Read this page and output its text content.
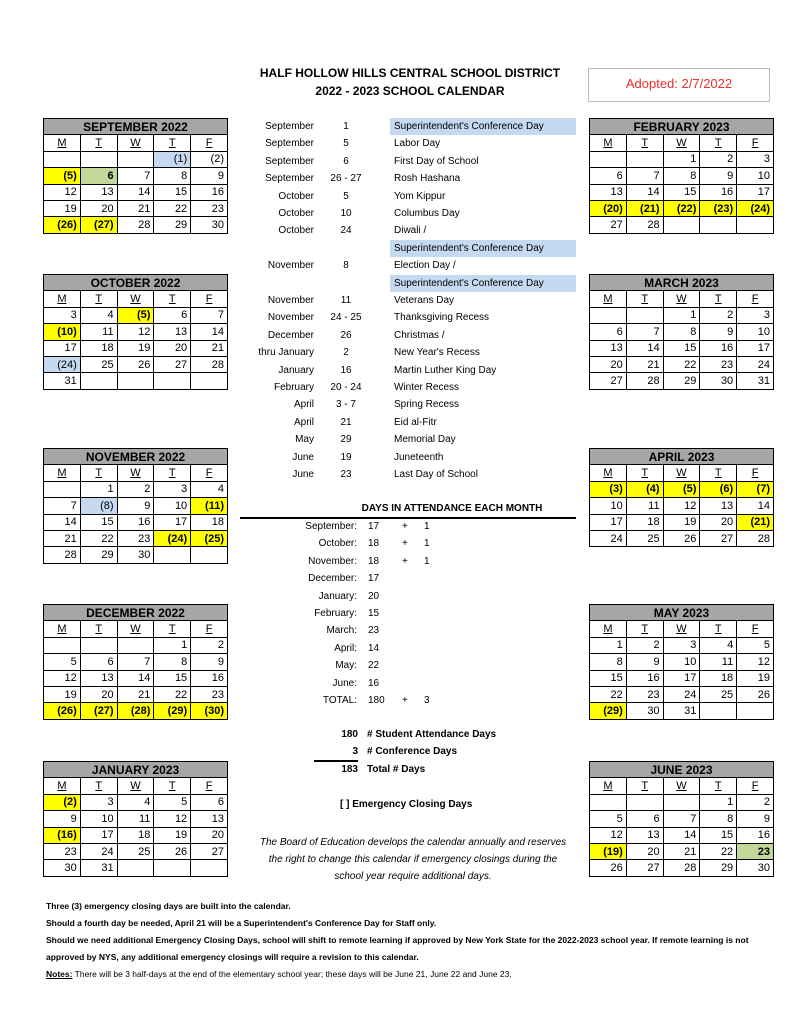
HALF HOLLOW HILLS CENTRAL SCHOOL DISTRICT
2022 - 2023 SCHOOL CALENDAR	Adopted: 2/7/2022
SEPTEMBER 2022				
M	T	W	T	F
			(1)	(2)
(5)	6	7	8	9
12	13	14	15	16
19	20	21	22	23
(26)	(27)	28	29	30
OCTOBER 2022				
M	T	W	T	F
3	4	(5)	6	7
(10)	11	12	13	14
17	18	19	20	21
(24)	25	26	27	28
31				
NOVEMBER 2022				
M	T	W	T	F
	1	2	3	4
7	(8)	9	10	(11)
14	15	16	17	18
21	22	23	(24)	(25)
28	29	30		
DECEMBER 2022				
M	T	W	T	F
			1	2
5	6	7	8	9
12	13	14	15	16
19	20	21	22	23
(26)	(27)	(28)	(29)	(30)
JANUARY 2023				
M	T	W	T	F
(2)	3	4	5	6
9	10	11	12	13
(16)	17	18	19	20
23	24	25	26	27
30	31			
FEBRUARY 2023				
M	T	W	T	F
		1	2	3
6	7	8	9	10
13	14	15	16	17
(20)	(21)	(22)	(23)	(24)
27	28			
MARCH 2023				
M	T	W	T	F
		1	2	3
6	7	8	9	10
13	14	15	16	17
20	21	22	23	24
27	28	29	30	31
APRIL 2023				
M	T	W	T	F
(3)	(4)	(5)	(6)	(7)
10	11	12	13	14
17	18	19	20	(21)
24	25	26	27	28
MAY 2023				
M	T	W	T	F
1	2	3	4	5
8	9	10	11	12
15	16	17	18	19
22	23	24	25	26
(29)	30	31		
JUNE 2023				
M	T	W	T	F
			1	2
5	6	7	8	9
12	13	14	15	16
(19)	20	21	22	23
26	27	28	29	30
September	1	Superintendent's Conference Day
September	5	Labor Day
September	6	First Day of School
September	26 - 27	Rosh Hashana
October	5	Yom Kippur
October	10	Columbus Day
October	24	Diwali /
Superintendent's Conference Day
November	8	Election Day /
Superintendent's Conference Day
November	11	Veterans Day
November	24 - 25	Thanksgiving Recess
December	26	Christmas /
thru January	2	New Year's Recess
January	16	Martin Luther King Day
February	20 - 24	Winter Recess
April	3 - 7	Spring Recess
April	21	Eid al-Fitr
May	29	Memorial Day
June	19	Juneteenth
June	23	Last Day of School
DAYS IN ATTENDANCE EACH MONTH
September: 17	+	1
October: 18	+	1
November: 18	+	1
December: 17
January: 20
February: 15
March: 23
April: 14
May: 22
June: 16
TOTAL: 180	+	3
180 # Student Attendance Days
3 # Conference Days
183 Total # Days
[ ] Emergency Closing Days
The Board of Education develops the calendar annually and reserves
the right to change this calendar if emergency closings during the
school year require additional days.
Three (3) emergency closing days are built into the calendar.
Should a fourth day be needed, April 21 will be a Superintendent's Conference Day for Staff only.
Should we need additional Emergency Closing Days, school will shift to remote learning if approved by New York State for the 2022-2023 school year. If remote learning is not
approved by NYS, any additional emergency closings will require a revision to this calendar.
Notes: There will be 3 half-days at the end of the elementary school year; these days will be June 21, June 22 and June 23.
